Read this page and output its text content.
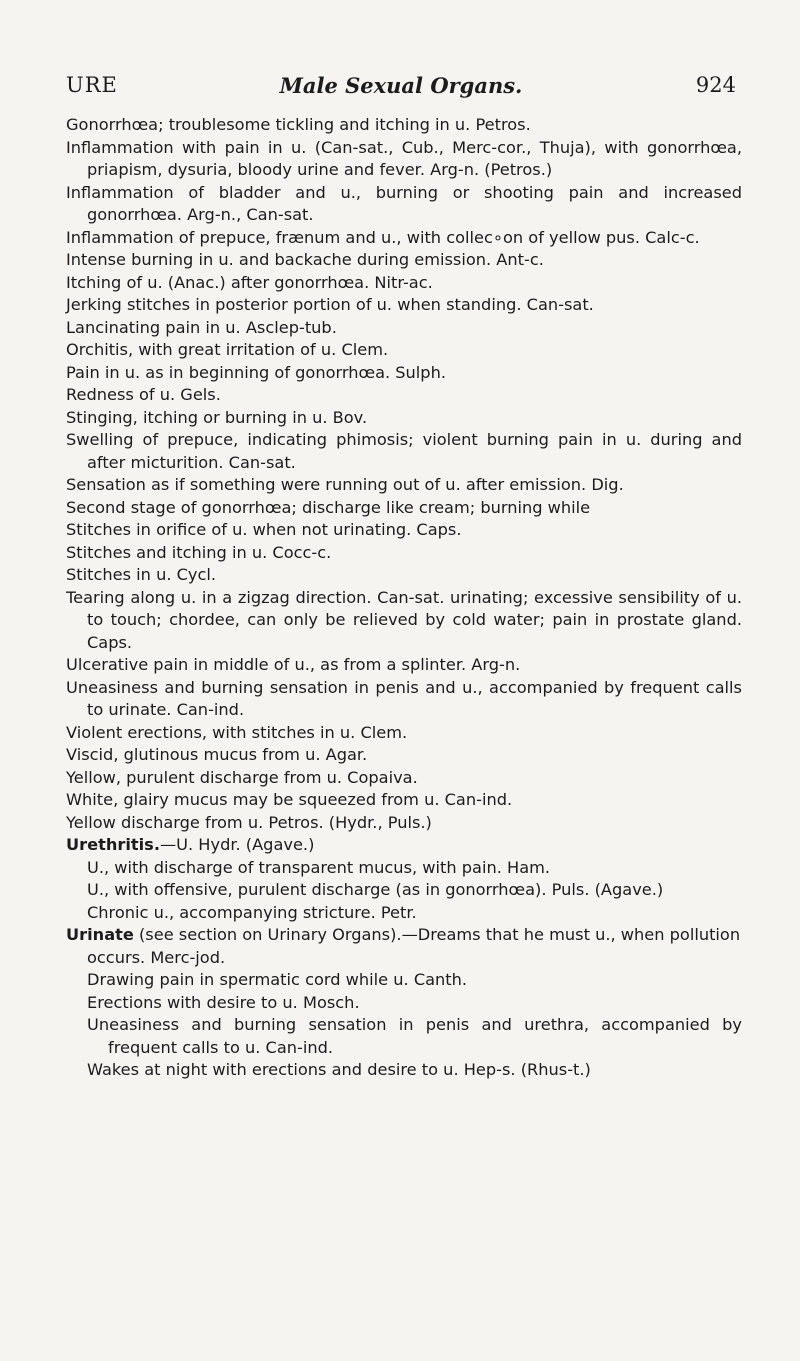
URE	Male Sexual Organs.	924

Gonorrhœa; troublesome tickling and itching in u. Petros.

Inflammation with pain in u. (Can-sat., Cub., Merc-cor., Thuja), with gonorrhœa, priapism, dysuria, bloody urine and fever. Arg-n. (Petros.)

Inflammation of bladder and u., burning or shooting pain and increased gonorrhœa. Arg-n., Can-sat.

Inflammation of prepuce, frænum and u., with collec∘on of yellow pus. Calc-c.

Intense burning in u. and backache during emission. Ant-c.

Itching of u. (Anac.) after gonorrhœa. Nitr-ac.

Jerking stitches in posterior portion of u. when standing. Can-sat.

Lancinating pain in u. Asclep-tub.

Orchitis, with great irritation of u. Clem.

Pain in u. as in beginning of gonorrhœa. Sulph.

Redness of u. Gels.

Stinging, itching or burning in u. Bov.

Swelling of prepuce, indicating phimosis; violent burning pain in u. during and after micturition. Can-sat.

Sensation as if something were running out of u. after emission. Dig.

Second stage of gonorrhœa; discharge like cream; burning while

Stitches in orifice of u. when not urinating. Caps.

Stitches and itching in u. Cocc-c.

Stitches in u. Cycl.

Tearing along u. in a zigzag direction. Can-sat. urinating; excessive sensibility of u. to touch; chordee, can only be relieved by cold water; pain in prostate gland. Caps.

Ulcerative pain in middle of u., as from a splinter. Arg-n.

Uneasiness and burning sensation in penis and u., accompanied by frequent calls to urinate. Can-ind.

Violent erections, with stitches in u. Clem.

Viscid, glutinous mucus from u. Agar.

Yellow, purulent discharge from u. Copaiva.

White, glairy mucus may be squeezed from u. Can-ind.

Yellow discharge from u. Petros. (Hydr., Puls.)

Urethritis.—U. Hydr. (Agave.)

U., with discharge of transparent mucus, with pain. Ham.

U., with offensive, purulent discharge (as in gonorrhœa). Puls. (Agave.)

Chronic u., accompanying stricture. Petr.

Urinate (see section on Urinary Organs).—Dreams that he must u., when pollution occurs. Merc-jod.

Drawing pain in spermatic cord while u. Canth.

Erections with desire to u. Mosch.

Uneasiness and burning sensation in penis and urethra, accompanied by frequent calls to u. Can-ind.

Wakes at night with erections and desire to u. Hep-s. (Rhus-t.)
